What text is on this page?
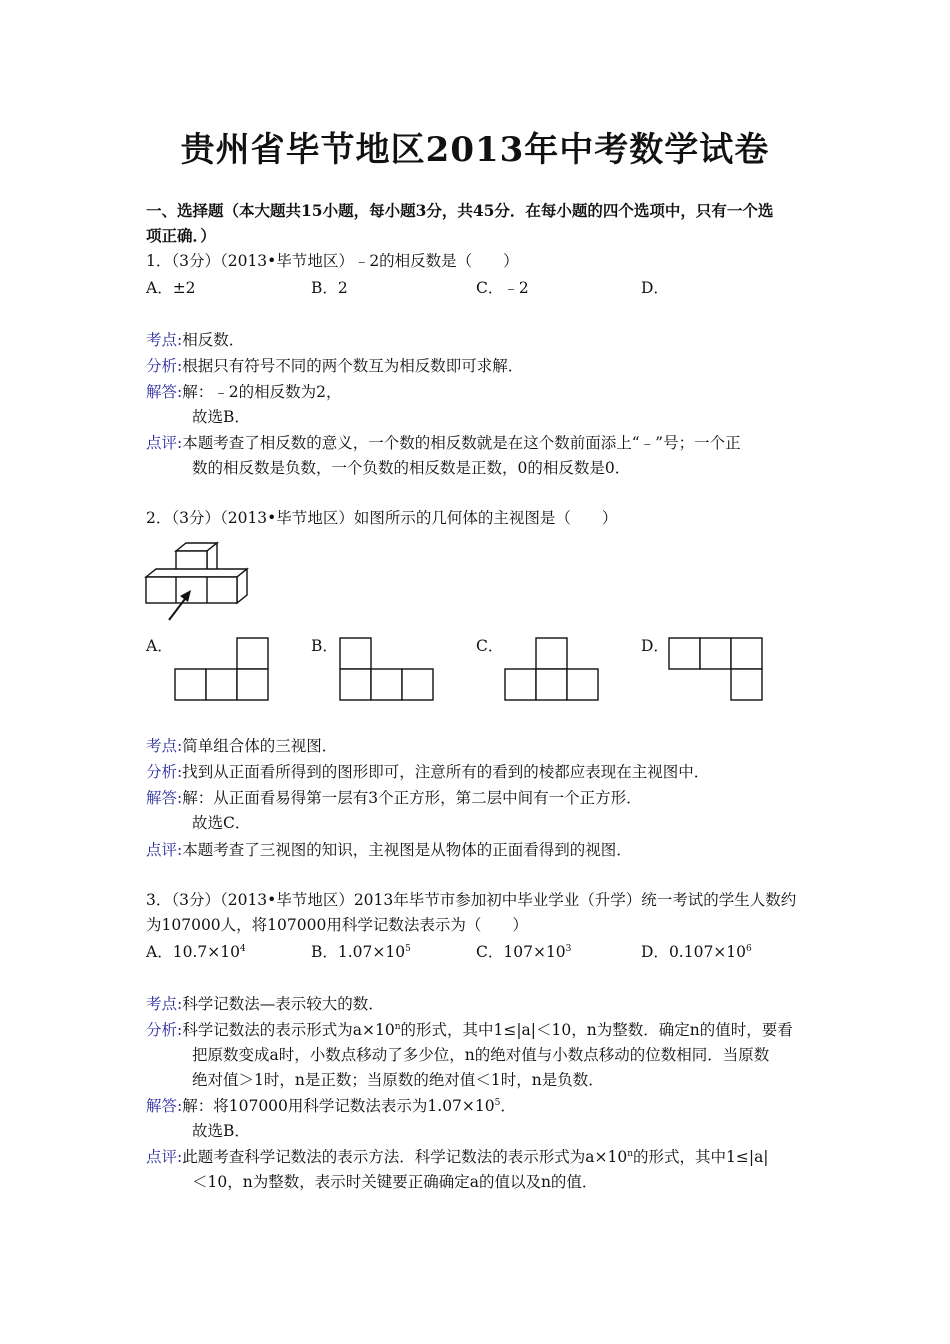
贵州省毕节地区2013年中考数学试卷
一、选择题（本大题共15小题，每小题3分，共45分．在每小题的四个选项中，只有一个选
项正确．）
1．（3分）（2013•毕节地区）﹣2的相反数是（　　）
A．±2	B．2	C．﹣2	D．
考点:相反数．
分析:根据只有符号不同的两个数互为相反数即可求解．
解答:解：﹣2的相反数为2，
故选B．
点评:本题考查了相反数的意义，一个数的相反数就是在这个数前面添上“﹣”号；一个正
数的相反数是负数，一个负数的相反数是正数，0的相反数是0．
2．（3分）（2013•毕节地区）如图所示的几何体的主视图是（　　）
A．	B．	C．	D．
考点:简单组合体的三视图．
分析:找到从正面看所得到的图形即可，注意所有的看到的棱都应表现在主视图中．
解答:解：从正面看易得第一层有3个正方形，第二层中间有一个正方形．
故选C．
点评:本题考查了三视图的知识，主视图是从物体的正面看得到的视图．
3．（3分）（2013•毕节地区）2013年毕节市参加初中毕业学业（升学）统一考试的学生人数约
为107000人，将107000用科学记数法表示为（　　）
A．$10.7\times 10^4$	B．$1.07\times 10^5$	C．$107\times 10^3$	D．$0.107\times 10^6$
考点:科学记数法—表示较大的数．
分析:科学记数法的表示形式为$a\times 10^n$的形式，其中1≤|a|＜10，n为整数．确定n的值时，要看
把原数变成a时，小数点移动了多少位，n的绝对值与小数点移动的位数相同．当原数
绝对值＞1时，n是正数；当原数的绝对值＜1时，n是负数．
解答:解：将107000用科学记数法表示为$1.07\times 10^5$．
故选B．
点评:此题考查科学记数法的表示方法．科学记数法的表示形式为$a\times 10^n$的形式，其中1≤|a|
＜10，n为整数，表示时关键要正确确定a的值以及n的值．
